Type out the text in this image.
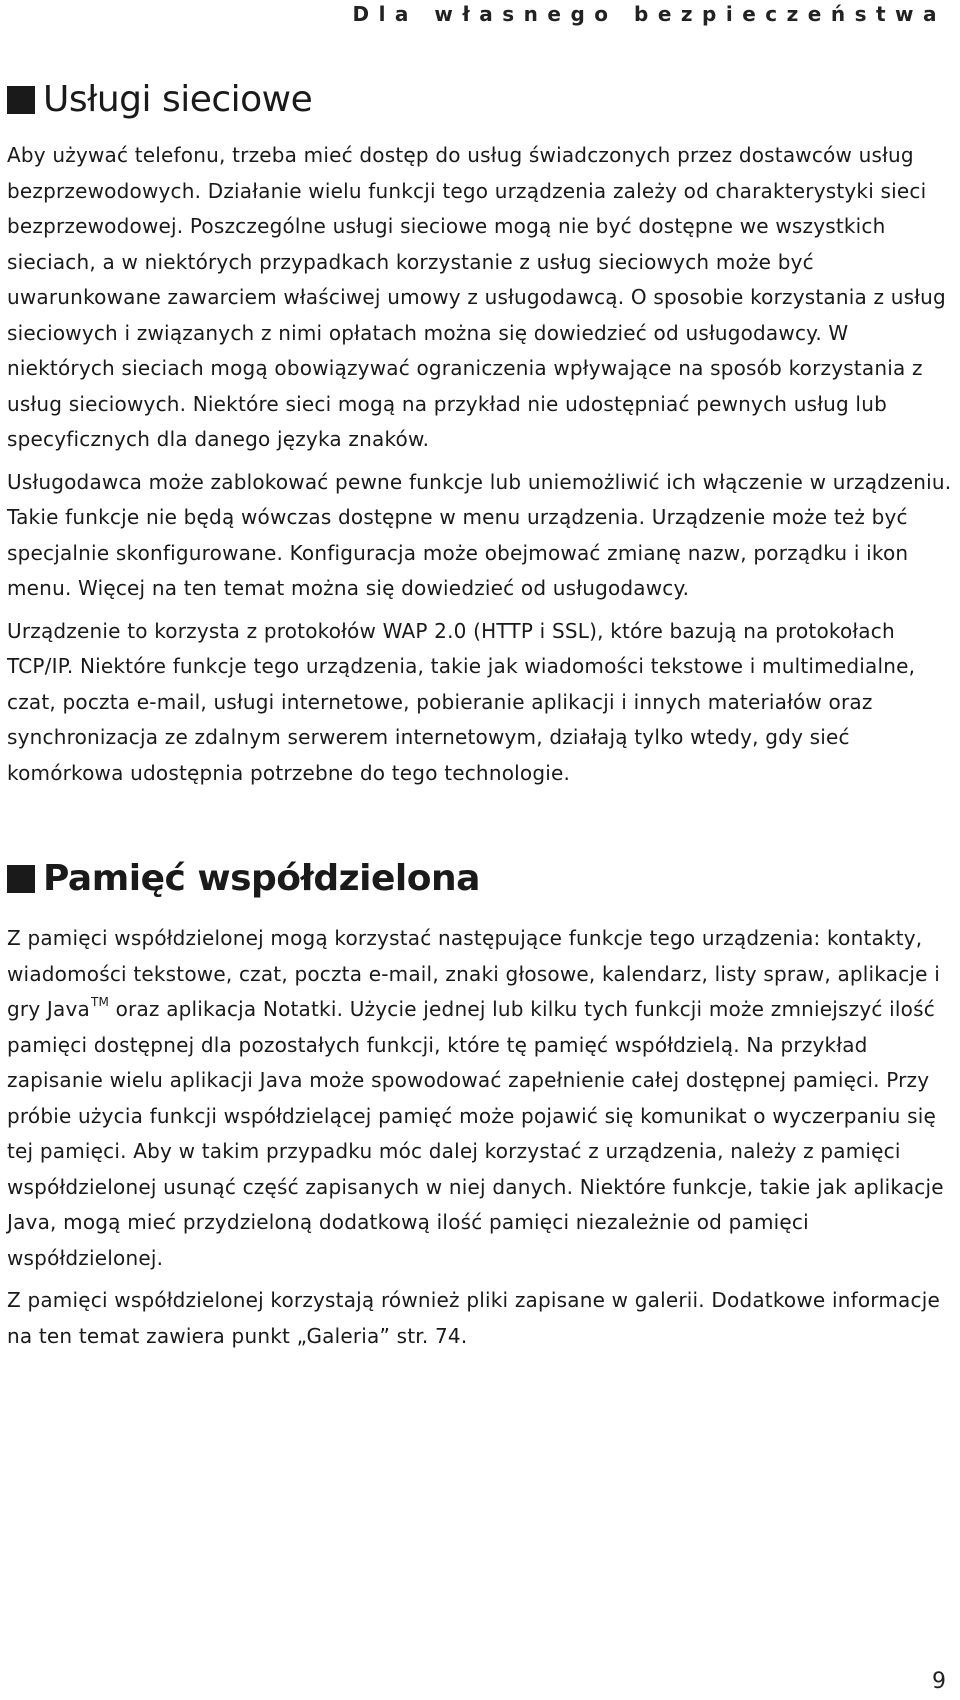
Dla własnego bezpieczeństwa
Usługi sieciowe

Aby używać telefonu, trzeba mieć dostęp do usług świadczonych przez dostawców usług bezprzewodowych. Działanie wielu funkcji tego urządzenia zależy od charakterystyki sieci bezprzewodowej. Poszczególne usługi sieciowe mogą nie być dostępne we wszystkich sieciach, a w niektórych przypadkach korzystanie z usług sieciowych może być uwarunkowane zawarciem właściwej umowy z usługodawcą. O sposobie korzystania z usług sieciowych i związanych z nimi opłatach można się dowiedzieć od usługodawcy. W niektórych sieciach mogą obowiązywać ograniczenia wpływające na sposób korzystania z usług sieciowych. Niektóre sieci mogą na przykład nie udostępniać pewnych usług lub specyficznych dla danego języka znaków.

Usługodawca może zablokować pewne funkcje lub uniemożliwić ich włączenie w urządzeniu. Takie funkcje nie będą wówczas dostępne w menu urządzenia. Urządzenie może też być specjalnie skonfigurowane. Konfiguracja może obejmować zmianę nazw, porządku i ikon menu. Więcej na ten temat można się dowiedzieć od usługodawcy.

Urządzenie to korzysta z protokołów WAP 2.0 (HTTP i SSL), które bazują na protokołach TCP/IP. Niektóre funkcje tego urządzenia, takie jak wiadomości tekstowe i multimedialne, czat, poczta e-mail, usługi internetowe, pobieranie aplikacji i innych materiałów oraz synchronizacja ze zdalnym serwerem internetowym, działają tylko wtedy, gdy sieć komórkowa udostępnia potrzebne do tego technologie.

Pamięć współdzielona

Z pamięci współdzielonej mogą korzystać następujące funkcje tego urządzenia: kontakty, wiadomości tekstowe, czat, poczta e-mail, znaki głosowe, kalendarz, listy spraw, aplikacje i gry Java™ oraz aplikacja Notatki. Użycie jednej lub kilku tych funkcji może zmniejszyć ilość pamięci dostępnej dla pozostałych funkcji, które tę pamięć współdzielą. Na przykład zapisanie wielu aplikacji Java może spowodować zapełnienie całej dostępnej pamięci. Przy próbie użycia funkcji współdzielącej pamięć może pojawić się komunikat o wyczerpaniu się tej pamięci. Aby w takim przypadku móc dalej korzystać z urządzenia, należy z pamięci współdzielonej usunąć część zapisanych w niej danych. Niektóre funkcje, takie jak aplikacje Java, mogą mieć przydzieloną dodatkową ilość pamięci niezależnie od pamięci współdzielonej.

Z pamięci współdzielonej korzystają również pliki zapisane w galerii. Dodatkowe informacje na ten temat zawiera punkt „Galeria” str. 74.

9
